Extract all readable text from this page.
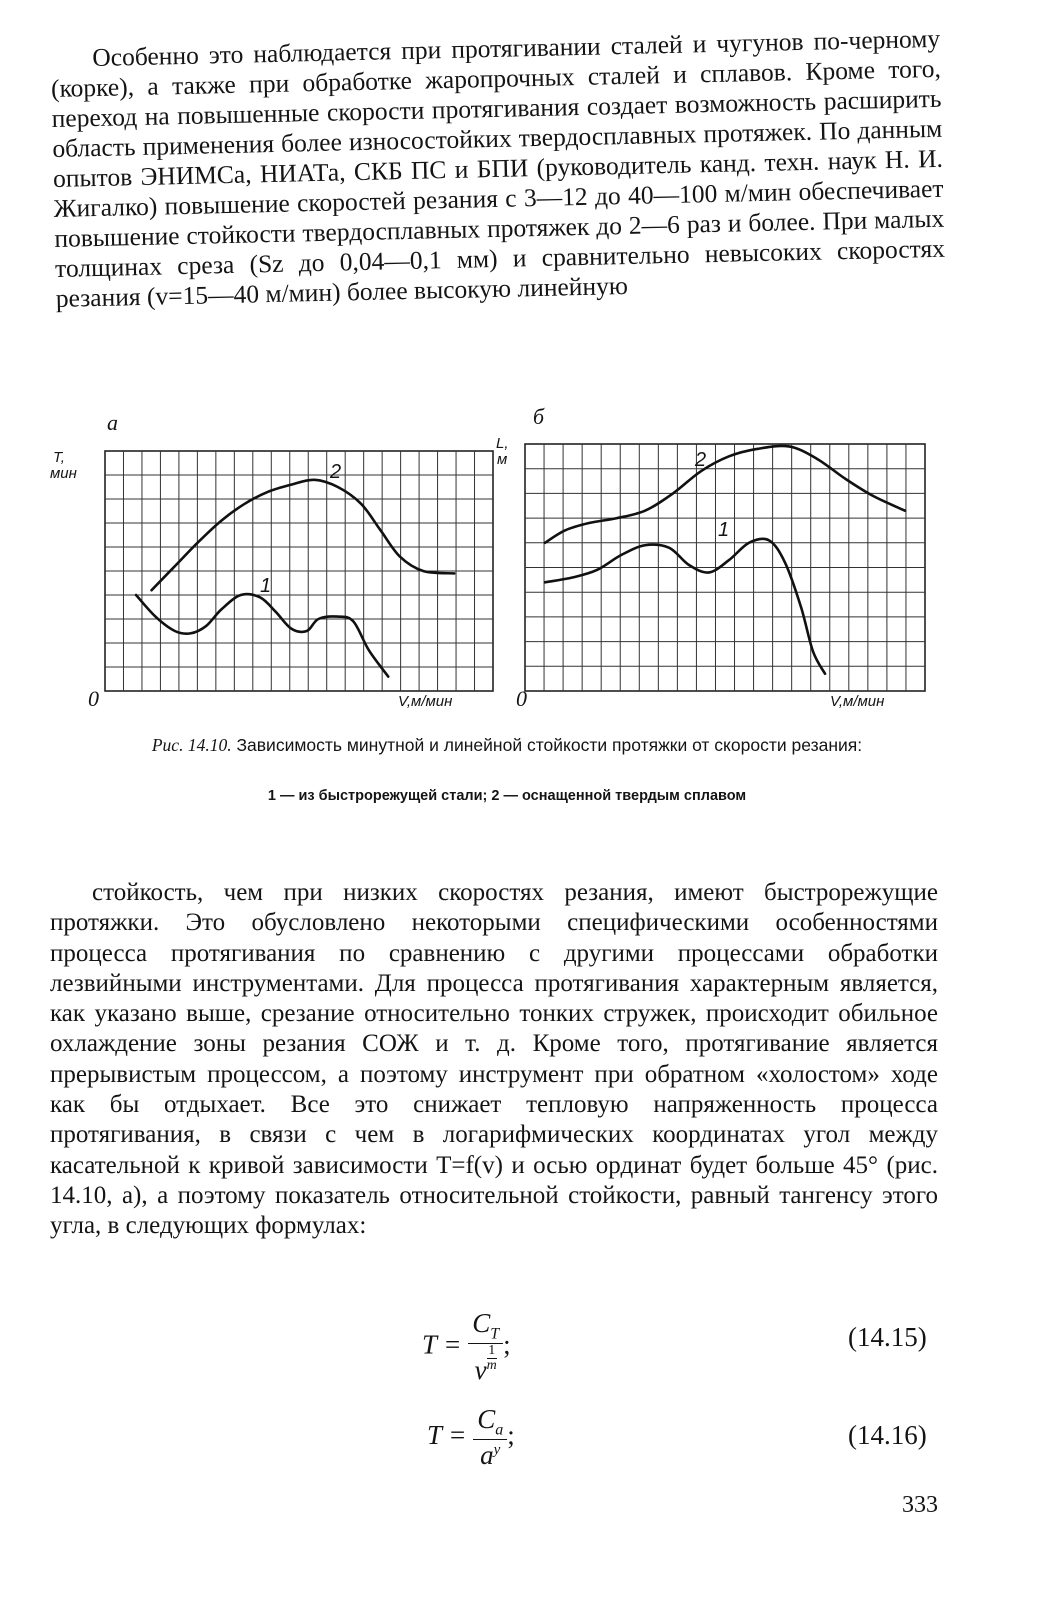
Особенно это наблюдается при протягивании сталей и чугунов по-черному (корке), а также при обработке жаропрочных сталей и сплавов. Кроме того, переход на повышенные скорости протягивания создает возможность расширить область применения более износостойких твердосплавных протяжек. По данным опытов ЭНИМСа, НИАТа, СКБ ПС и БПИ (руководитель канд. техн. наук Н. И. Жигалко) повышение скоростей резания с 3—12 до 40—100 м/мин обеспечивает повышение стойкости твердосплавных протяжек до 2—6 раз и более. При малых толщинах среза (Sz до 0,04—0,1 мм) и сравнительно невысоких скоростях резания (v=15—40 м/мин) более высокую линейную

а	б
T,
мин
L,
м
0	0
V,м/мин	V,м/мин
2
1
2
1

Рис. 14.10. Зависимость минутной и линейной стойкости протяжки от скорости резания:

1 — из быстрорежущей стали; 2 — оснащенной твердым сплавом

стойкость, чем при низких скоростях резания, имеют быстрорежущие протяжки. Это обусловлено некоторыми специфическими особенностями процесса протягивания по сравнению с другими процессами обработки лезвийными инструментами. Для процесса протягивания характерным является, как указано выше, срезание относительно тонких стружек, происходит обильное охлаждение зоны резания СОЖ и т. д. Кроме того, протягивание является прерывистым процессом, а поэтому инструмент при обратном «холостом» ходе как бы отдыхает. Все это снижает тепловую напряженность процесса протягивания, в связи с чем в логарифмических координатах угол между касательной к кривой зависимости T=f(v) и осью ординат будет больше 45° (рис. 14.10, а), а поэтому показатель относительной стойкости, равный тангенсу этого угла, в следующих формулах:

$T = C_T$
v $^{\frac{1}{m}}$ ;	(14.15)
$T = \frac{C_a}{a^y}$ ;	(14.16)
333
